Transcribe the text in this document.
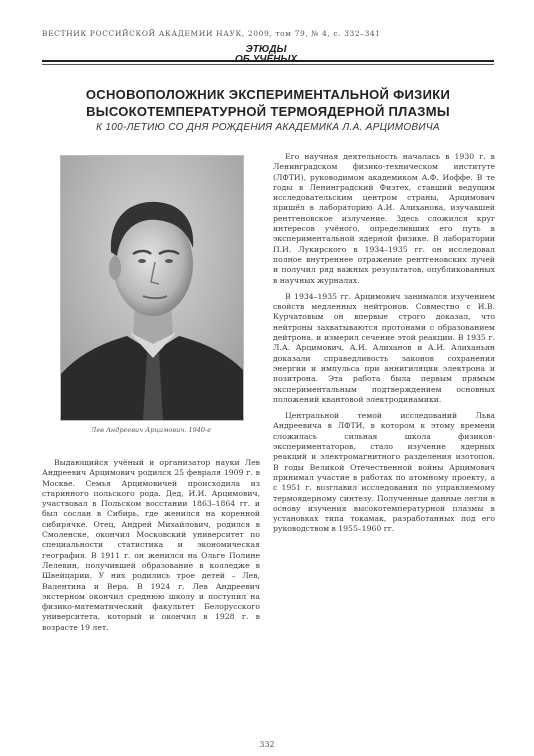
ВЕСТНИК РОССИЙСКОЙ АКАДЕМИИ НАУК, 2009, том 79, № 4, с. 332–341
ЭТЮДЫ
ОБ УЧЁНЫХ
ОСНОВОПОЛОЖНИК ЭКСПЕРИМЕНТАЛЬНОЙ ФИЗИКИ
ВЫСОКОТЕМПЕРАТУРНОЙ ТЕРМОЯДЕРНОЙ ПЛАЗМЫ
К 100-ЛЕТИЮ СО ДНЯ РОЖДЕНИЯ АКАДЕМИКА Л.А. АРЦИМОВИЧА
Лев Андреевич Арцимович. 1940-е

Выдающийся учёный и организатор науки Лев Андреевич Арцимович родился 25 февраля 1909 г. в Москве. Семья Арцимовичей происходила из старинного польского рода. Дед, И.И. Арцимович, участвовал в Польском восстании 1863–1864 гг. и был сослан в Сибирь, где женился на коренной сибирячке. Отец, Андрей Михайлович, родился в Смоленске, окончил Московский университет по специальности статистика и экономическая география. В 1911 г. он женился на Ольге Полине Лелевин, получившей образование в колледже в Швейцарии. У них родились трое детей – Лев, Валентина и Вера. В 1924 г. Лев Андреевич экстерном окончил среднюю школу и поступил на физико-математический факультет Белорусского университета, который и окончил в 1928 г. в возрасте 19 лет.

Его научная деятельность началась в 1930 г. в Ленинградском физико-техническом институте (ЛФТИ), руководимом академиком А.Ф. Иоффе. В те годы в Ленинградский Физтех, ставший ведущим исследовательским центром страны, Арцимович пришёл в лабораторию А.И. Алиханова, изучавшей рентгеновское излучение. Здесь сложился круг интересов учёного, определивших его путь в экспериментальной ядерной физике. В лаборатории П.И. Лукирского в 1934–1935 гг. он исследовал полное внутреннее отражение рентгеновских лучей и получил ряд важных результатов, опубликованных в научных журналах.

В 1934–1935 гг. Арцимович занимался изучением свойств медленных нейтронов. Совместно с И.В. Курчатовым он впервые строго доказал, что нейтроны захватываются протонами с образованием дейтрона, и измерил сечение этой реакции. В 1935 г. Л.А. Арцимович, А.И. Алиханов и А.И. Алиханьян доказали справедливость законов сохранения энергии и импульса при аннигиляции электрона и позитрона. Эта работа была первым прямым экспериментальным подтверждением основных положений квантовой электродинамики.

Центральной темой исследований Льва Андреевича в ЛФТИ, в котором к этому времени сложилась сильная школа физиков-экспериментаторов, стало изучение ядерных реакций и электромагнитного разделения изотопов. В годы Великой Отечественной войны Арцимович принимал участие в работах по атомному проекту, а с 1951 г. возглавил исследования по управляемому термоядерному синтезу. Полученные данные легли в основу изучения высокотемпературной плазмы в установках типа токамак, разработанных под его руководством в 1955–1960 гг.

332
